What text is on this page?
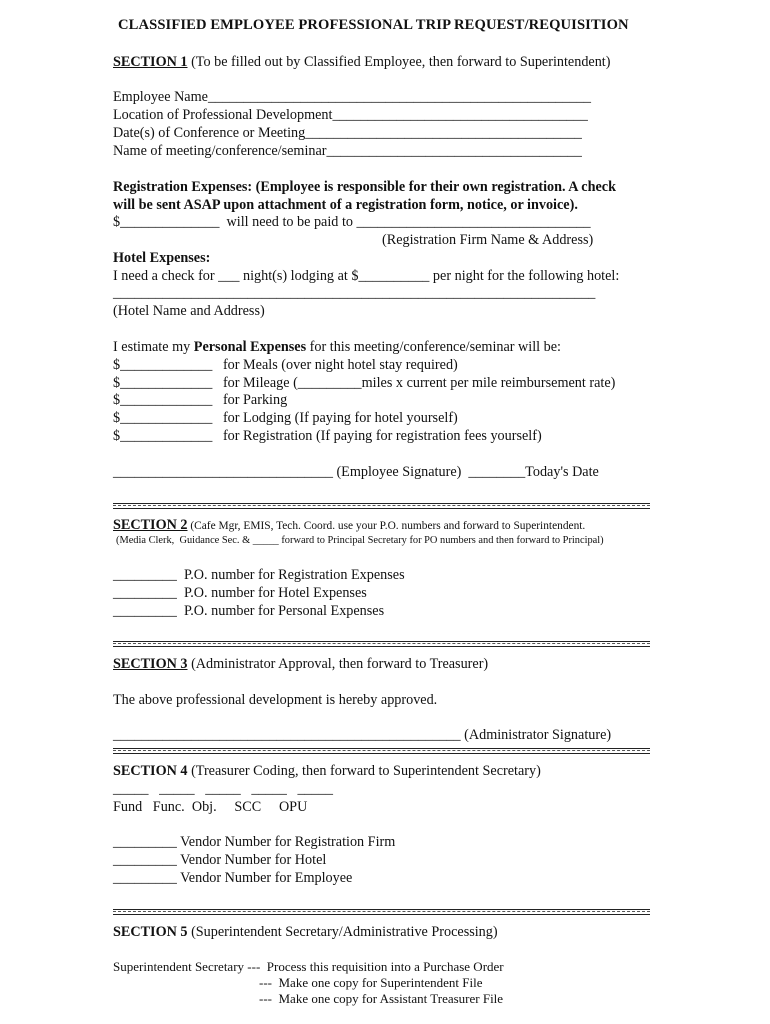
CLASSIFIED EMPLOYEE PROFESSIONAL TRIP REQUEST/REQUISITION
SECTION 1 (To be filled out by Classified Employee, then forward to Superintendent)
Employee Name______________________________________________________
Location of Professional Development____________________________________
Date(s) of Conference or Meeting_______________________________________
Name of meeting/conference/seminar____________________________________
Registration Expenses: (Employee is responsible for their own registration. A check
will be sent ASAP upon attachment of a registration form, notice, or invoice).
$______________  will need to be paid to _________________________________
(Registration Firm Name & Address)
Hotel Expenses:
I need a check for ___ night(s) lodging at $__________ per night for the following hotel:
____________________________________________________________________
(Hotel Name and Address)
I estimate my Personal Expenses for this meeting/conference/seminar will be:
$_____________   for Meals (over night hotel stay required)
$_____________   for Mileage (_________miles x current per mile reimbursement rate)
$_____________   for Parking
$_____________   for Lodging (If paying for hotel yourself)
$_____________   for Registration (If paying for registration fees yourself)
_______________________________ (Employee Signature)  ________Today's Date
SECTION 2 (Cafe Mgr, EMIS, Tech. Coord. use your P.O. numbers and forward to Superintendent.
(Media Clerk,  Guidance Sec. & _____ forward to Principal Secretary for PO numbers and then forward to Principal)
_________  P.O. number for Registration Expenses
_________  P.O. number for Hotel Expenses
_________  P.O. number for Personal Expenses
SECTION 3 (Administrator Approval, then forward to Treasurer)
The above professional development is hereby approved.
_________________________________________________ (Administrator Signature)
SECTION 4 (Treasurer Coding, then forward to Superintendent Secretary)
_____   _____   _____   _____   _____
Fund   Func.  Obj.     SCC     OPU
_________ Vendor Number for Registration Firm
_________ Vendor Number for Hotel
_________ Vendor Number for Employee
SECTION 5 (Superintendent Secretary/Administrative Processing)
Superintendent Secretary ---  Process this requisition into a Purchase Order
---  Make one copy for Superintendent File
---  Make one copy for Assistant Treasurer File
